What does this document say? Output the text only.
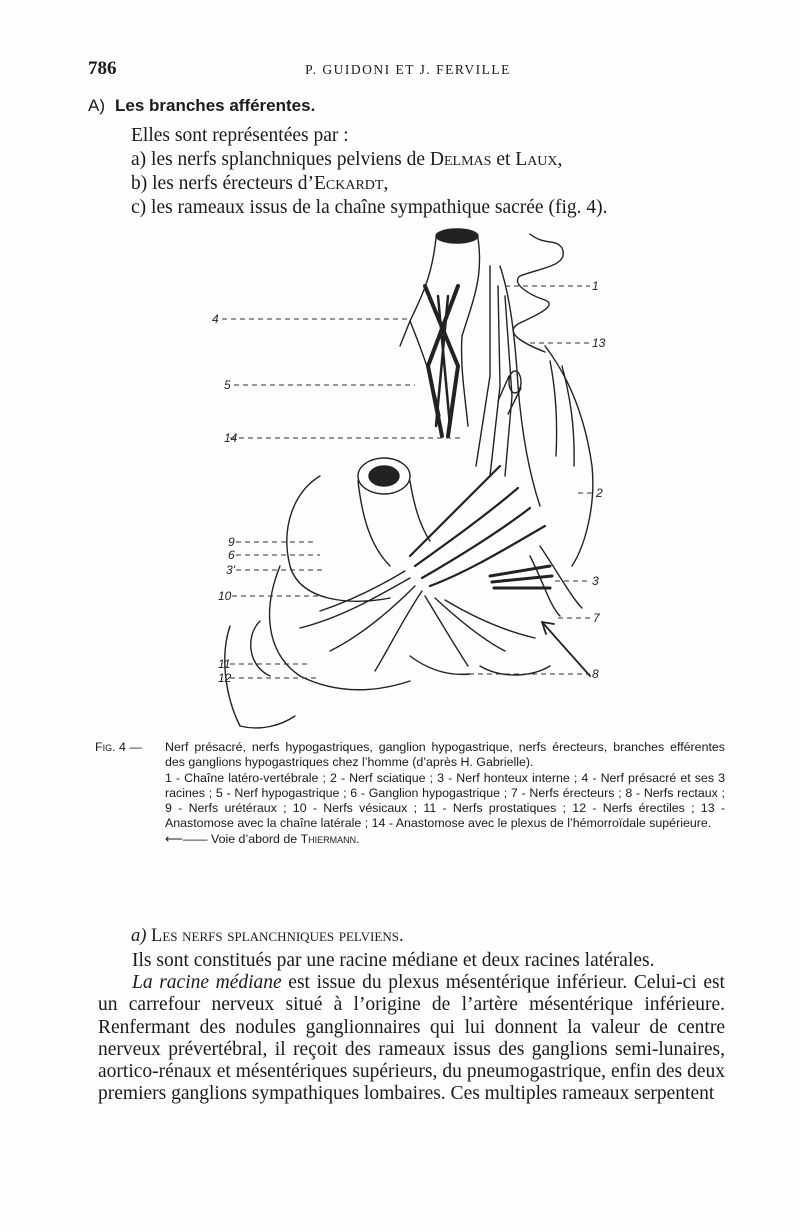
786	P. GUIDONI ET J. FERVILLE
A) Les branches afférentes.
Elles sont représentées par :
a) les nerfs splanchniques pelviens de Delmas et Laux,
b) les nerfs érecteurs d’Eckardt,
c) les rameaux issus de la chaîne sympathique sacrée (fig. 4).
1
13
4
5
14
2
9
6
3'
10
3
7
11
12	8
Fig. 4 —	Nerf présacré, nerfs hypogastriques, ganglion hypogastrique, nerfs érecteurs, branches efférentes des ganglions hypogastriques chez l’homme (d’après H. Gabrielle).
1 - Chaîne latéro-vertébrale ; 2 - Nerf sciatique ; 3 - Nerf honteux interne ; 4 - Nerf présacré et ses 3 racines ; 5 - Nerf hypogastrique ; 6 - Ganglion hypogastrique ; 7 - Nerfs érecteurs ; 8 - Nerfs rectaux ; 9 - Nerfs urétéraux ; 10 - Nerfs vésicaux ; 11 - Nerfs prostatiques ; 12 - Nerfs érectiles ; 13 - Anastomose avec la chaîne latérale ; 14 - Anastomose avec le plexus de l’hémorroïdale supérieure.
⟵—— Voie d’abord de Thiermann.
a) Les nerfs splanchniques pelviens.

Ils sont constitués par une racine médiane et deux racines latérales.

La racine médiane est issue du plexus mésentérique inférieur. Celui-ci est un carrefour nerveux situé à l’origine de l’artère mésentérique inférieure. Renfermant des nodules ganglionnaires qui lui donnent la valeur de centre nerveux prévertébral, il reçoit des rameaux issus des ganglions semi-lunaires, aortico-rénaux et mésentériques supérieurs, du pneumogastrique, enfin des deux premiers ganglions sympathiques lombaires. Ces multiples rameaux serpentent
